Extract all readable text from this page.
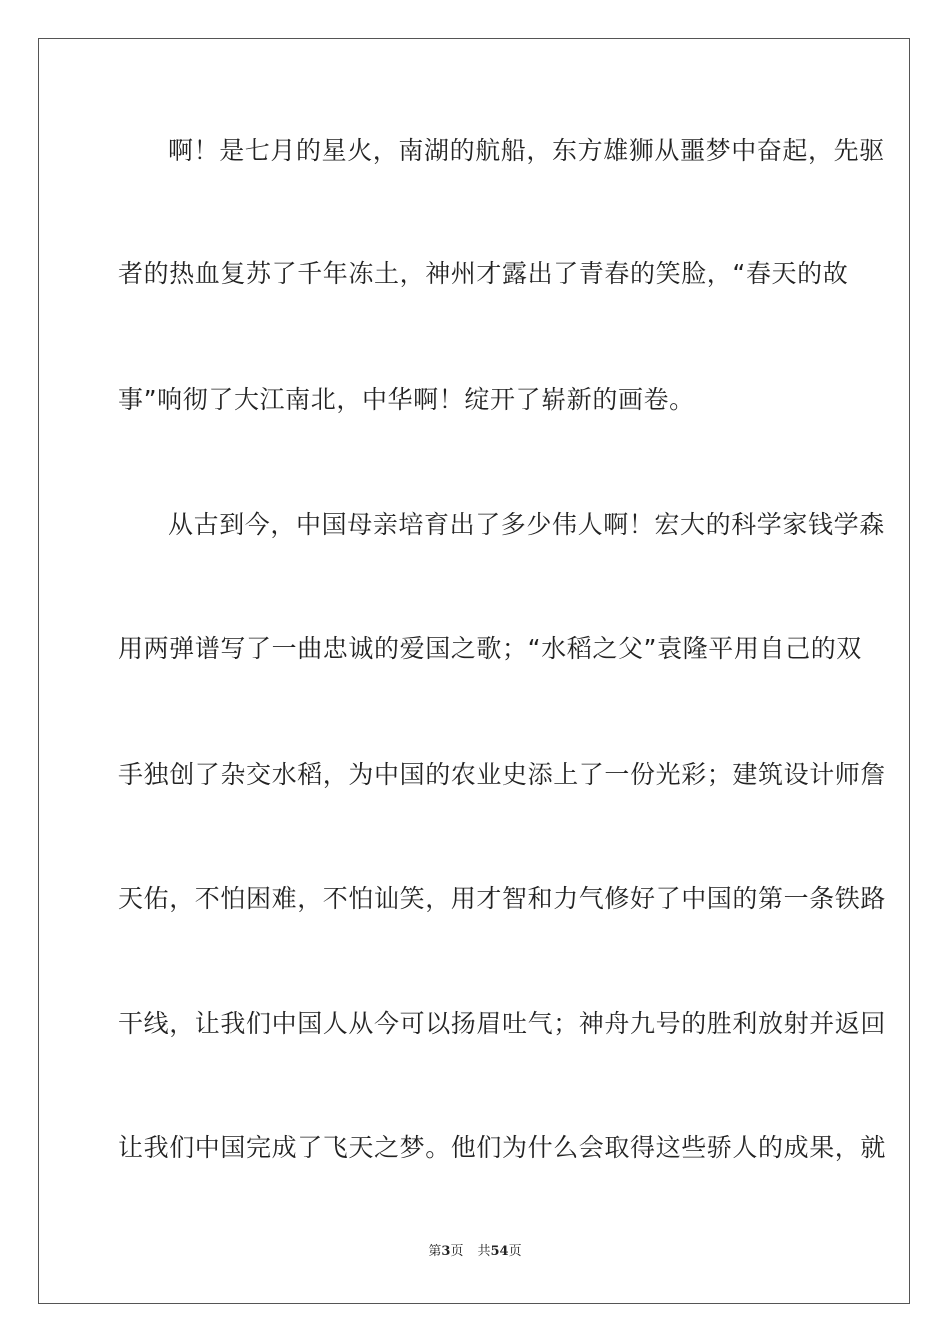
啊！是七月的星火，南湖的航船，东方雄狮从噩梦中奋起，先驱
者的热血复苏了千年冻土，神州才露出了青春的笑脸，“春天的故
事”响彻了大江南北，中华啊！绽开了崭新的画卷。
从古到今，中国母亲培育出了多少伟人啊！宏大的科学家钱学森
用两弹谱写了一曲忠诚的爱国之歌；“水稻之父”袁隆平用自己的双
手独创了杂交水稻，为中国的农业史添上了一份光彩；建筑设计师詹
天佑，不怕困难，不怕讪笑，用才智和力气修好了中国的第一条铁路
干线，让我们中国人从今可以扬眉吐气；神舟九号的胜利放射并返回
让我们中国完成了飞天之梦。他们为什么会取得这些骄人的成果，就
第3页 共54页
